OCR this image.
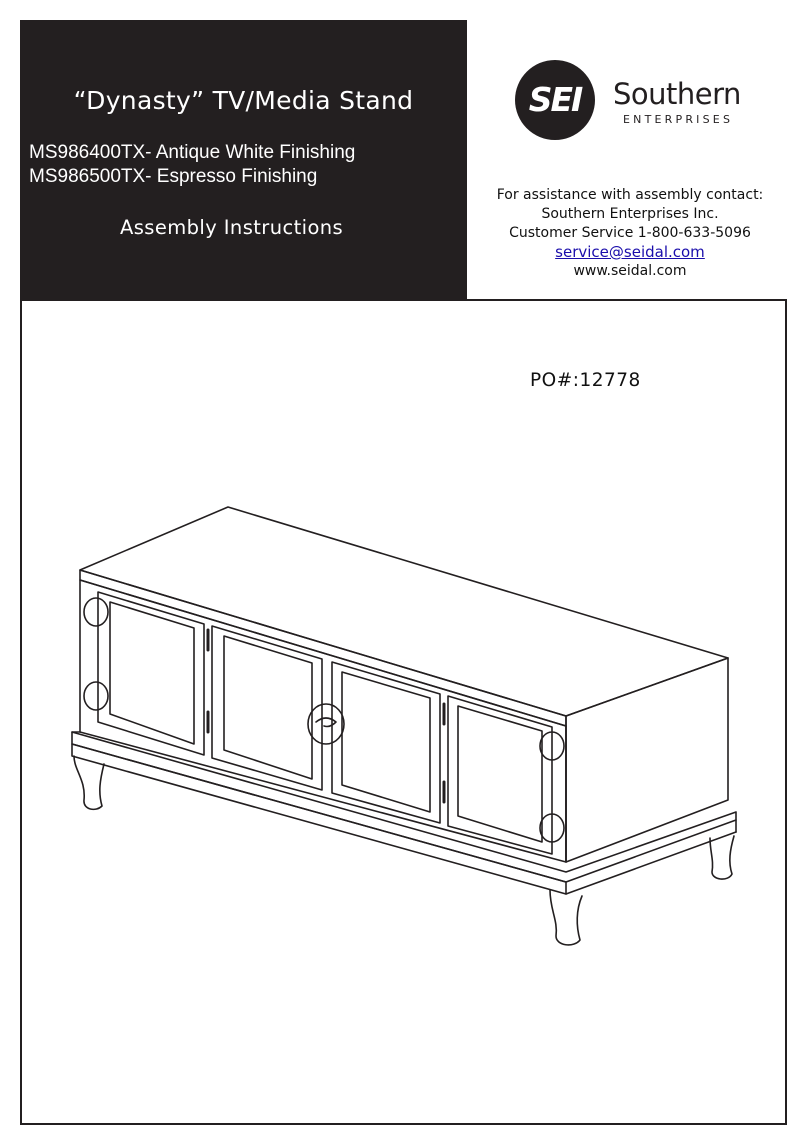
“Dynasty” TV/Media Stand
MS986400TX- Antique White Finishing
MS986500TX- Espresso Finishing
Assembly Instructions
SEI	Southern
ENTERPRISES
For assistance with assembly contact:
Southern Enterprises Inc.
Customer Service 1-800-633-5096
service@seidal.com
www.seidal.com
PO#:12778
